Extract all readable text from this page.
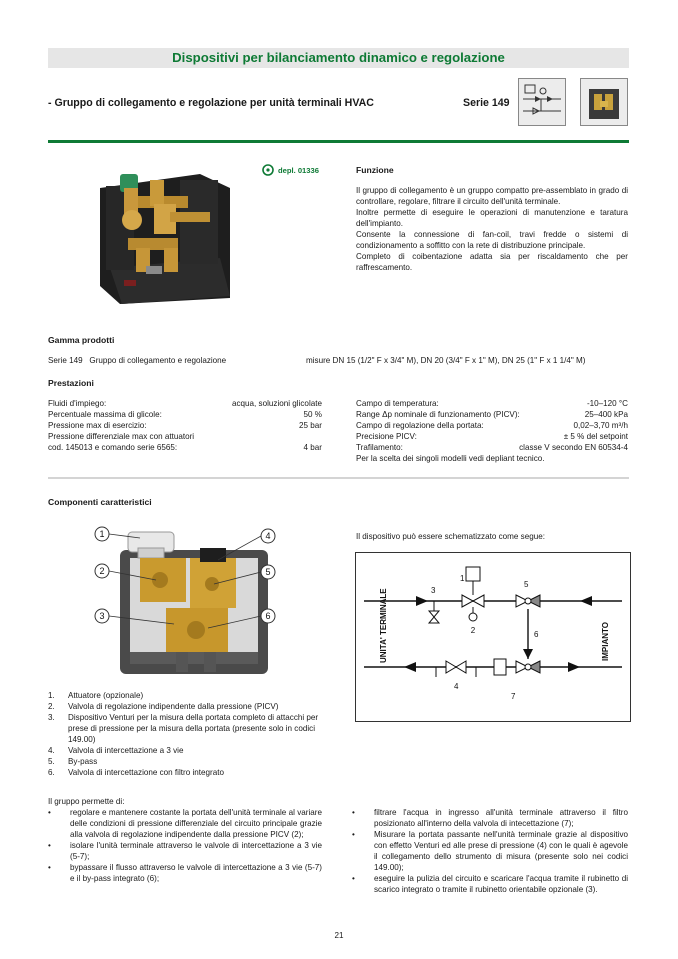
Dispositivi per bilanciamento dinamico e regolazione
- Gruppo di collegamento e regolazione per unità terminali HVAC	Serie 149
depl. 01336	Funzione

Il gruppo di collegamento è un gruppo compatto pre-assemblato in grado di controllare, regolare, filtrare il circuito dell'unità terminale.

Inoltre permette di eseguire le operazioni di manutenzione e taratura dell'impianto.

Consente la connessione di fan-coil, travi fredde o sistemi di condizionamento a soffitto con la rete di distribuzione principale.

Completo di coibentazione adatta sia per riscaldamento che per raffrescamento.

Gamma prodotti
Serie 149   Gruppo di collegamento e regolazione	misure DN 15 (1/2" F x 3/4" M), DN 20 (3/4" F x 1" M), DN 25 (1" F x 1 1/4" M)
Prestazioni
Fluidi d'impiego:	acqua, soluzioni glicolate
Percentuale massima di glicole:	50 %
Pressione max di esercizio:	25 bar
Pressione differenziale max con attuatori
cod. 145013 e comando serie 6565:	4 bar
Campo di temperatura:	-10–120 °C
Range Δp nominale di funzionamento (PICV):	25–400 kPa
Campo di regolazione della portata:	0,02–3,70 m³/h
Precisione PICV:	± 5 % del setpoint
Trafilamento:	classe V secondo EN 60534-4
Per la scelta dei singoli modelli vedi depliant tecnico.
Componenti caratteristici
1
2
3
4
5
6
Il dispositivo può essere schematizzato come segue:
1
2
3
4
5
6
7
UNITA' TERMINALE	IMPIANTO
1.	Attuatore (opzionale)
2.	Valvola di regolazione indipendente dalla pressione (PICV)
3.	Dispositivo Venturi per la misura della portata completo di attacchi per prese di pressione per la misura della portata (presente solo in codici 149.00)
4.	Valvola di intercettazione a 3 vie
5.	By-pass
6.	Valvola di intercettazione con filtro integrato
Il gruppo permette di:
•	regolare e mantenere costante la portata dell'unità terminale al variare delle condizioni di pressione differenziale del circuito principale grazie alla valvola di regolazione indipendente dalla pressione PICV (2);
•	isolare l'unità terminale attraverso le valvole di intercettazione a 3 vie (5-7);
•	bypassare il flusso attraverso le valvole di intercettazione a 3 vie (5-7) e il by-pass integrato (6);
•	filtrare l'acqua in ingresso all'unità terminale attraverso il filtro posizionato all'interno della valvola di intecettazione (7);
•	Misurare la portata passante nell'unità terminale grazie al dispositivo con effetto Venturi ed alle prese di pressione (4) con le quali è agevole il collegamento dello strumento di misura (presente solo nei codici 149.00);
•	eseguire la pulizia del circuito e scaricare l'acqua tramite il rubinetto di scarico integrato o tramite il rubinetto orientabile opzionale (3).
21
